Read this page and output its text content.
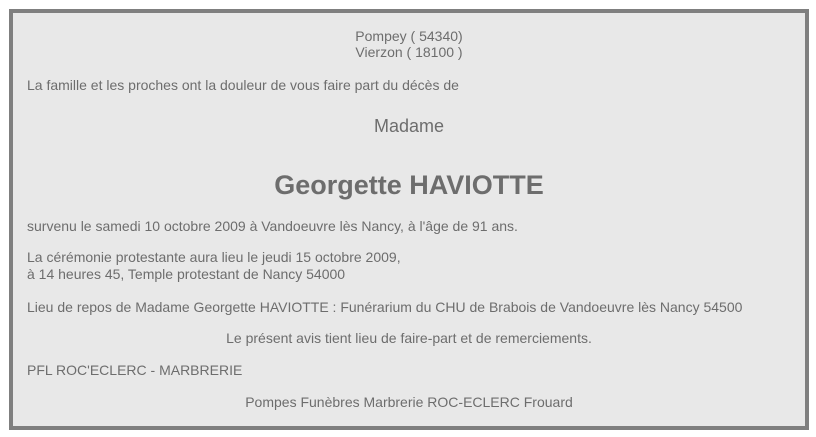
Pompey ( 54340)
Vierzon ( 18100 )
La famille et les proches ont la douleur de vous faire part du décès de
Madame
Georgette HAVIOTTE
survenu le samedi 10 octobre 2009 à Vandoeuvre lès Nancy, à l'âge de 91 ans.
La cérémonie protestante aura lieu le jeudi 15 octobre 2009,
à 14 heures 45, Temple protestant de Nancy 54000
Lieu de repos de Madame Georgette HAVIOTTE : Funérarium du CHU de Brabois de Vandoeuvre lès Nancy 54500
Le présent avis tient lieu de faire-part et de remerciements.
PFL ROC'ECLERC - MARBRERIE
Pompes Funèbres Marbrerie ROC-ECLERC Frouard
